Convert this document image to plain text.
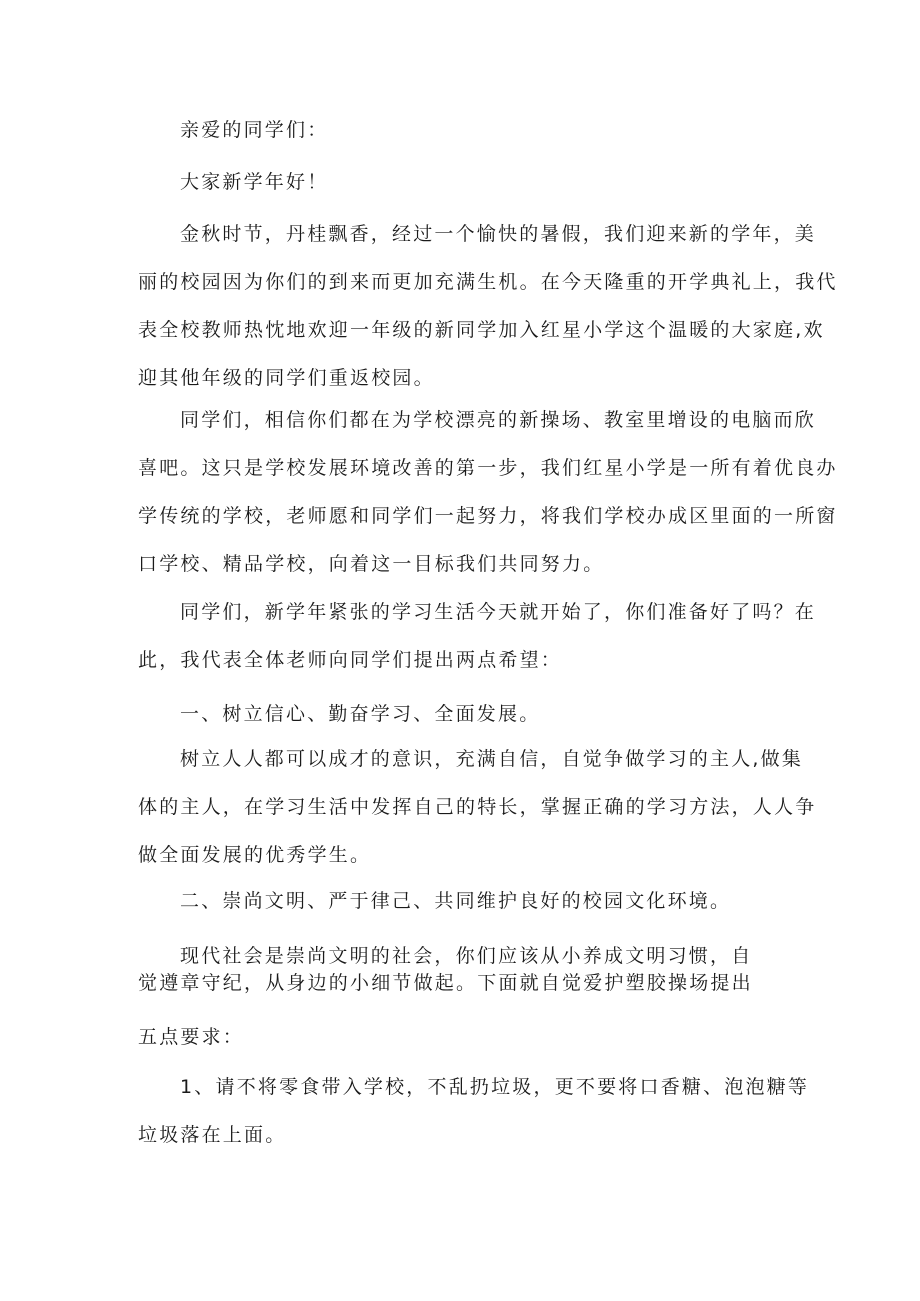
亲爱的同学们：

大家新学年好！

金秋时节，丹桂飘香，经过一个愉快的暑假，我们迎来新的学年，美
丽的校园因为你们的到来而更加充满生机。在今天隆重的开学典礼上，我代
表全校教师热忱地欢迎一年级的新同学加入红星小学这个温暖的大家庭,欢
迎其他年级的同学们重返校园。

同学们，相信你们都在为学校漂亮的新操场、教室里增设的电脑而欣
喜吧。这只是学校发展环境改善的第一步，我们红星小学是一所有着优良办
学传统的学校，老师愿和同学们一起努力，将我们学校办成区里面的一所窗
口学校、精品学校，向着这一目标我们共同努力。

同学们，新学年紧张的学习生活今天就开始了，你们准备好了吗？在
此，我代表全体老师向同学们提出两点希望：

一、树立信心、勤奋学习、全面发展。

树立人人都可以成才的意识，充满自信，自觉争做学习的主人,做集
体的主人，在学习生活中发挥自己的特长，掌握正确的学习方法，人人争
做全面发展的优秀学生。

二、崇尚文明、严于律己、共同维护良好的校园文化环境。

现代社会是崇尚文明的社会，你们应该从小养成文明习惯，自
觉遵章守纪，从身边的小细节做起。下面就自觉爱护塑胶操场提出

五点要求：

1、请不将零食带入学校，不乱扔垃圾，更不要将口香糖、泡泡糖等
垃圾落在上面。
